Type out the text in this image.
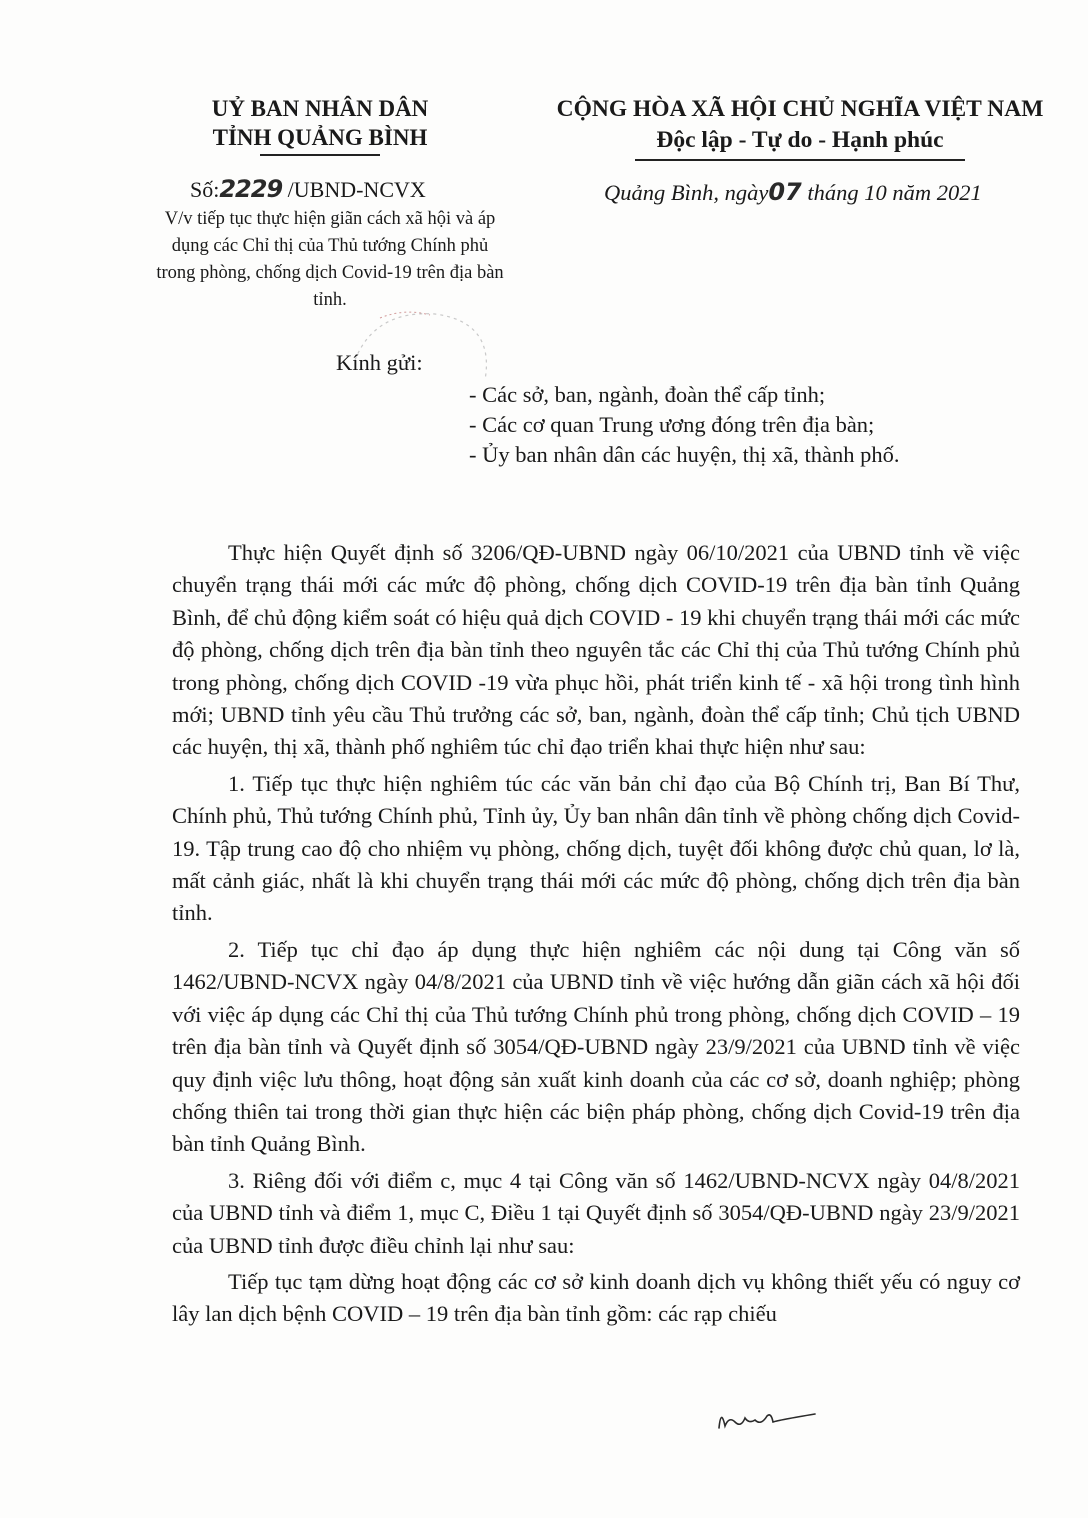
UỶ BAN NHÂN DÂN
TỈNH QUẢNG BÌNH
CỘNG HÒA XÃ HỘI CHỦ NGHĨA VIỆT NAM
Độc lập - Tự do - Hạnh phúc
Số:2229 /UBND-NCVX	Quảng Bình, ngày07 tháng 10 năm 2021
V/v tiếp tục thực hiện giãn cách xã hội và áp dụng các Chỉ thị của Thủ tướng Chính phủ trong phòng, chống dịch Covid-19 trên địa bàn tỉnh.
Kính gửi:
- Các sở, ban, ngành, đoàn thể cấp tỉnh;
- Các cơ quan Trung ương đóng trên địa bàn;
- Ủy ban nhân dân các huyện, thị xã, thành phố.

Thực hiện Quyết định số 3206/QĐ-UBND ngày 06/10/2021 của UBND tỉnh về việc chuyển trạng thái mới các mức độ phòng, chống dịch COVID-19 trên địa bàn tỉnh Quảng Bình, để chủ động kiểm soát có hiệu quả dịch COVID - 19 khi chuyển trạng thái mới các mức độ phòng, chống dịch trên địa bàn tỉnh theo nguyên tắc các Chỉ thị của Thủ tướng Chính phủ trong phòng, chống dịch COVID -19 vừa phục hồi, phát triển kinh tế - xã hội trong tình hình mới; UBND tỉnh yêu cầu Thủ trưởng các sở, ban, ngành, đoàn thể cấp tỉnh; Chủ tịch UBND các huyện, thị xã, thành phố nghiêm túc chỉ đạo triển khai thực hiện như sau:

1. Tiếp tục thực hiện nghiêm túc các văn bản chỉ đạo của Bộ Chính trị, Ban Bí Thư, Chính phủ, Thủ tướng Chính phủ, Tỉnh ủy, Ủy ban nhân dân tỉnh về phòng chống dịch Covid-19. Tập trung cao độ cho nhiệm vụ phòng, chống dịch, tuyệt đối không được chủ quan, lơ là, mất cảnh giác, nhất là khi chuyển trạng thái mới các mức độ phòng, chống dịch trên địa bàn tỉnh.

2. Tiếp tục chỉ đạo áp dụng thực hiện nghiêm các nội dung tại Công văn số 1462/UBND-NCVX ngày 04/8/2021 của UBND tỉnh về việc hướng dẫn giãn cách xã hội đối với việc áp dụng các Chỉ thị của Thủ tướng Chính phủ trong phòng, chống dịch COVID – 19 trên địa bàn tỉnh và Quyết định số 3054/QĐ-UBND ngày 23/9/2021 của UBND tỉnh về việc quy định việc lưu thông, hoạt động sản xuất kinh doanh của các cơ sở, doanh nghiệp; phòng chống thiên tai trong thời gian thực hiện các biện pháp phòng, chống dịch Covid-19 trên địa bàn tỉnh Quảng Bình.

3. Riêng đối với điểm c, mục 4 tại Công văn số 1462/UBND-NCVX ngày 04/8/2021 của UBND tỉnh và điểm 1, mục C, Điều 1 tại Quyết định số 3054/QĐ-UBND ngày 23/9/2021 của UBND tỉnh được điều chỉnh lại như sau:

Tiếp tục tạm dừng hoạt động các cơ sở kinh doanh dịch vụ không thiết yếu có nguy cơ lây lan dịch bệnh COVID – 19 trên địa bàn tỉnh gồm: các rạp chiếu
